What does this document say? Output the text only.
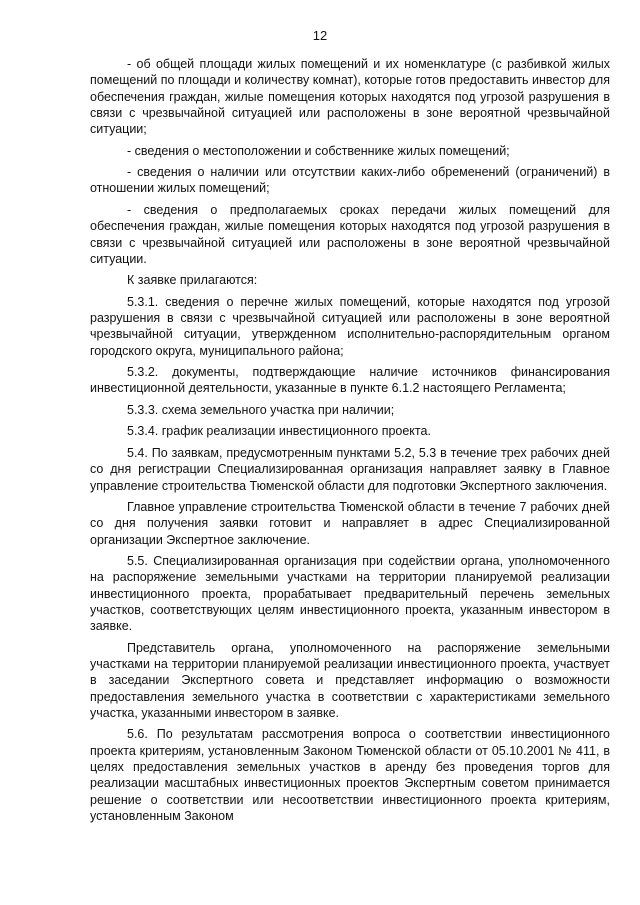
12

- об общей площади жилых помещений и их номенклатуре (с разбивкой жилых помещений по площади и количеству комнат), которые готов предоставить инвестор для обеспечения граждан, жилые помещения которых находятся под угрозой разрушения в связи с чрезвычайной ситуацией или расположены в зоне вероятной чрезвычайной ситуации;

- сведения о местоположении и собственнике жилых помещений;

- сведения о наличии или отсутствии каких-либо обременений (ограничений) в отношении жилых помещений;

- сведения о предполагаемых сроках передачи жилых помещений для обеспечения граждан, жилые помещения которых находятся под угрозой разрушения в связи с чрезвычайной ситуацией или расположены в зоне вероятной чрезвычайной ситуации.

К заявке прилагаются:

5.3.1. сведения о перечне жилых помещений, которые находятся под угрозой разрушения в связи с чрезвычайной ситуацией или расположены в зоне вероятной чрезвычайной ситуации, утвержденном исполнительно-распорядительным органом городского округа, муниципального района;

5.3.2. документы, подтверждающие наличие источников финансирования инвестиционной деятельности, указанные в пункте 6.1.2 настоящего Регламента;

5.3.3. схема земельного участка при наличии;

5.3.4. график реализации инвестиционного проекта.

5.4. По заявкам, предусмотренным пунктами 5.2, 5.3 в течение трех рабочих дней со дня регистрации Специализированная организация направляет заявку в Главное управление строительства Тюменской области для подготовки Экспертного заключения.

Главное управление строительства Тюменской области в течение 7 рабочих дней со дня получения заявки готовит и направляет в адрес Специализированной организации Экспертное заключение.

5.5. Специализированная организация при содействии органа, уполномоченного на распоряжение земельными участками на территории планируемой реализации инвестиционного проекта, прорабатывает предварительный перечень земельных участков, соответствующих целям инвестиционного проекта, указанным инвестором в заявке.

Представитель органа, уполномоченного на распоряжение земельными участками на территории планируемой реализации инвестиционного проекта, участвует в заседании Экспертного совета и представляет информацию о возможности предоставления земельного участка в соответствии с характеристиками земельного участка, указанными инвестором в заявке.

5.6. По результатам рассмотрения вопроса о соответствии инвестиционного проекта критериям, установленным Законом Тюменской области от 05.10.2001 № 411, в целях предоставления земельных участков в аренду без проведения торгов для реализации масштабных инвестиционных проектов Экспертным советом принимается решение о соответствии или несоответствии инвестиционного проекта критериям, установленным Законом
